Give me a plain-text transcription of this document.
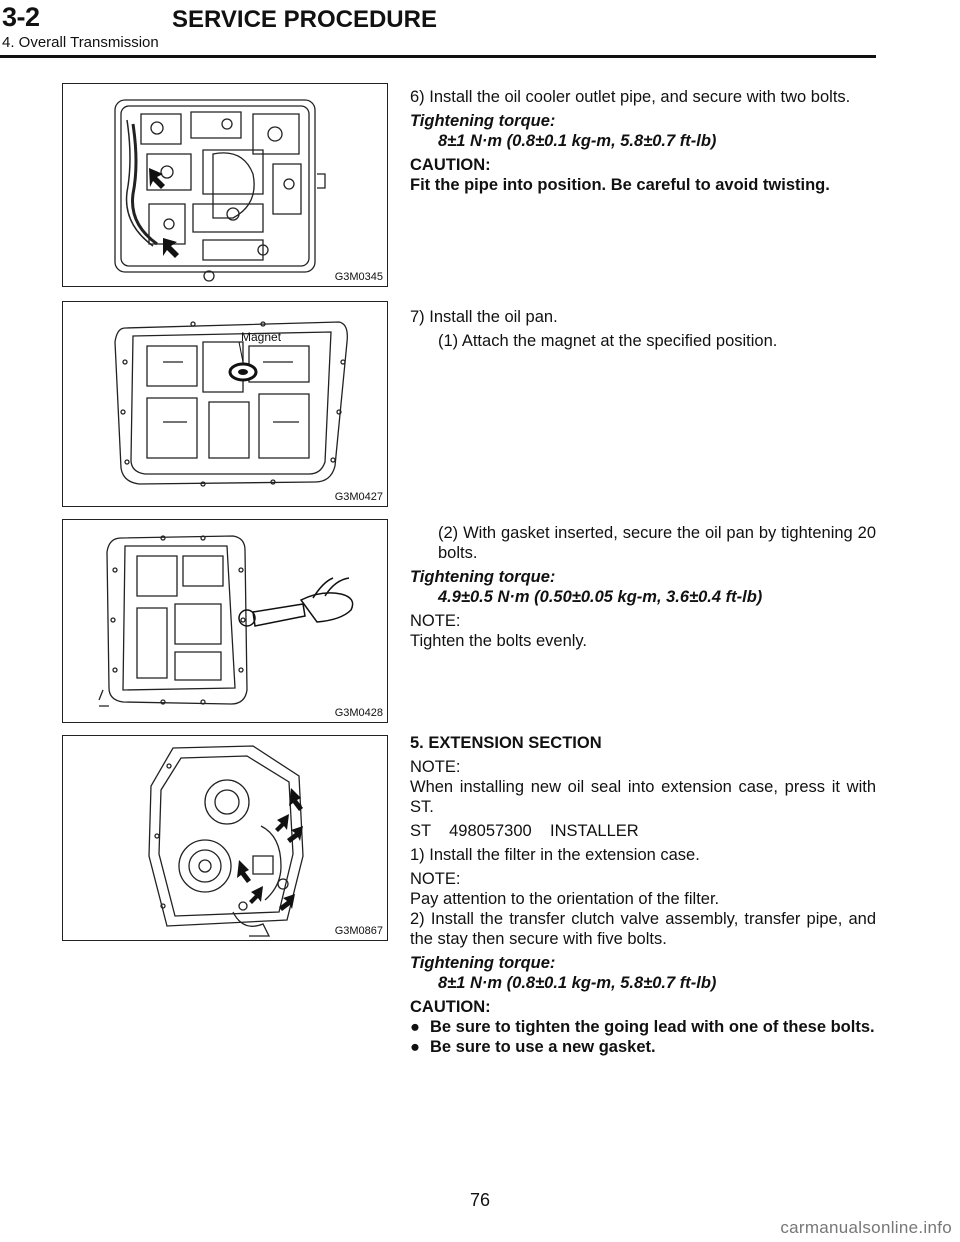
3-2	SERVICE PROCEDURE
4. Overall Transmission
G3M0345
Magnet
G3M0427
G3M0428
G3M0867

6) Install the oil cooler outlet pipe, and secure with two bolts.

Tightening torque:

8±1 N·m (0.8±0.1 kg-m, 5.8±0.7 ft-lb)

CAUTION:

Fit the pipe into position. Be careful to avoid twisting.

7) Install the oil pan.

(1) Attach the magnet at the specified position.

(2) With gasket inserted, secure the oil pan by tightening 20 bolts.

Tightening torque:

4.9±0.5 N·m (0.50±0.05 kg-m, 3.6±0.4 ft-lb)

NOTE:

Tighten the bolts evenly.

5. EXTENSION SECTION

NOTE:

When installing new oil seal into extension case, press it with ST.

ST    498057300    INSTALLER

1) Install the filter in the extension case.

NOTE:

Pay attention to the orientation of the filter.

2) Install the transfer clutch valve assembly, transfer pipe, and the stay then secure with five bolts.

Tightening torque:

8±1 N·m (0.8±0.1 kg-m, 5.8±0.7 ft-lb)

CAUTION:

● Be sure to tighten the going lead with one of these bolts.

● Be sure to use a new gasket.

76
carmanualsonline.info
